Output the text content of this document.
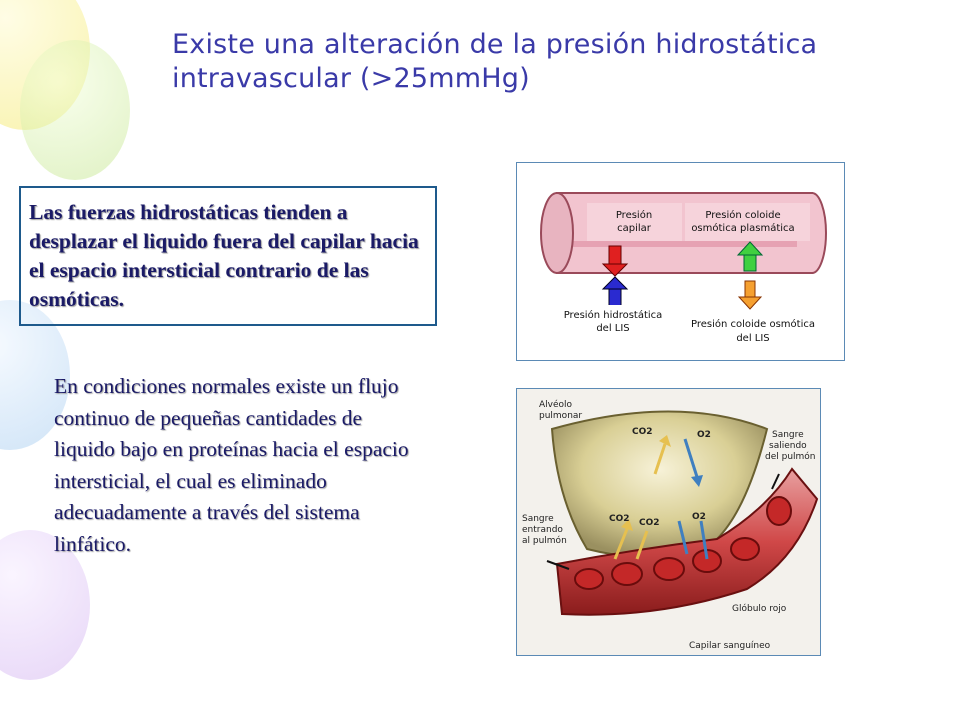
Existe una alteración de la presión hidrostática
intravascular (>25mmHg)

Las fuerzas hidrostáticas tienden a desplazar el liquido fuera del capilar hacia el espacio intersticial contrario de las osmóticas.

En condiciones normales existe un flujo continuo de pequeñas cantidades de liquido bajo en proteínas hacia el espacio intersticial, el cual es eliminado adecuadamente a través del sistema linfático.

Presión
capilar
Presión coloide
osmótica plasmática
Presión hidrostática
del LIS	Presión coloide osmótica
del LIS
Alvéolo
pulmonar
CO2	O2
CO2 CO2
O2
Sangre
saliendo
del pulmón
Sangre
entrando
al pulmón
Glóbulo rojo
Capilar sanguíneo
